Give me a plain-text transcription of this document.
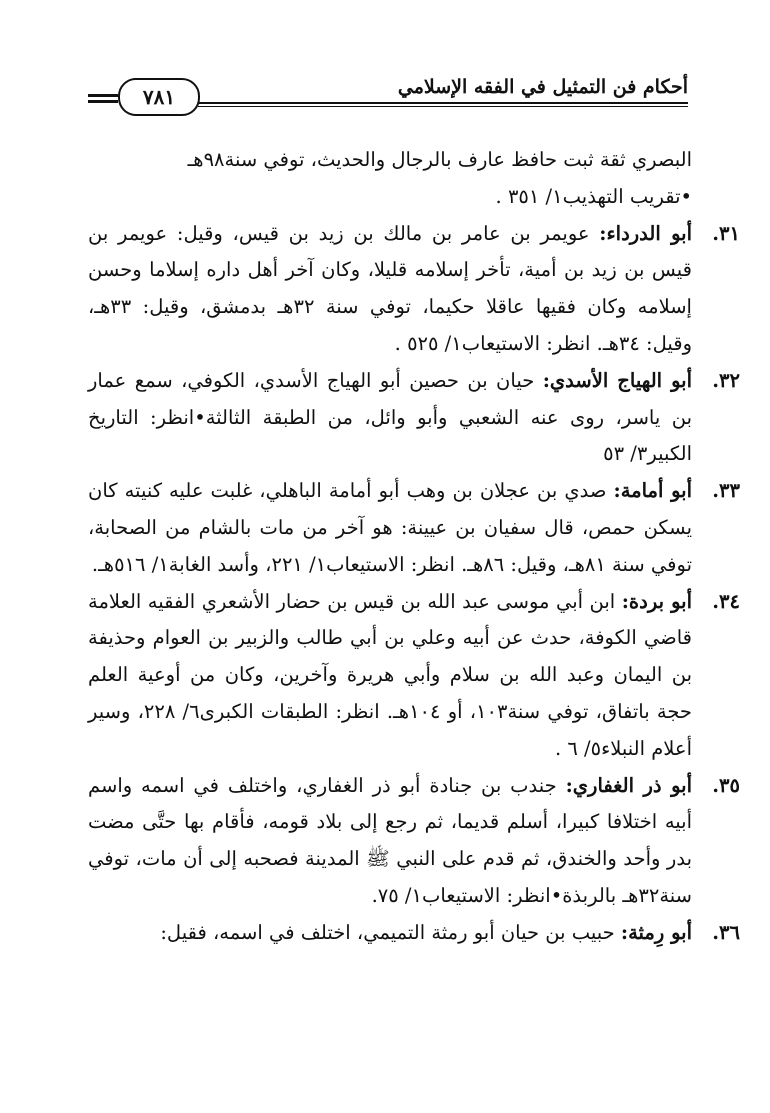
أحكام فن التمثيل في الفقه الإسلامي
٧٨١

البصري ثقة ثبت حافظ عارف بالرجال والحديث، توفي سنة٩٨هـ

•تقريب التهذيب١/ ٣٥١ .

٣١.
أبو الدرداء: عويمر بن عامر بن مالك بن زيد بن قيس، وقيل: عويمر بن قيس بن زيد بن أمية، تأخر إسلامه قليلا، وكان آخر أهل داره إسلاما وحسن إسلامه وكان فقيها عاقلا حكيما، توفي سنة ٣٢هـ بدمشق، وقيل: ٣٣هـ، وقيل: ٣٤هـ. انظر: الاستيعاب١/ ٥٢٥ .

٣٢.
أبو الهياج الأسدي: حيان بن حصين أبو الهياج الأسدي، الكوفي، سمع عمار بن ياسر، روى عنه الشعبي وأبو وائل، من الطبقة الثالثة•انظر: التاريخ الكبير٣/ ٥٣

٣٣.
أبو أمامة: صدي بن عجلان بن وهب أبو أمامة الباهلي، غلبت عليه كنيته كان يسكن حمص، قال سفيان بن عيينة: هو آخر من مات بالشام من الصحابة، توفي سنة ٨١هـ، وقيل: ٨٦هـ. انظر: الاستيعاب١/ ٢٢١، وأسد الغابة١/ ٥١٦هـ.

٣٤.
أبو بردة: ابن أبي موسى عبد الله بن قيس بن حضار الأشعري الفقيه العلامة قاضي الكوفة، حدث عن أبيه وعلي بن أبي طالب والزبير بن العوام وحذيفة بن اليمان وعبد الله بن سلام وأبي هريرة وآخرين، وكان من أوعية العلم حجة باتفاق، توفي سنة١٠٣، أو ١٠٤هـ. انظر: الطبقات الكبرى٦/ ٢٢٨، وسير أعلام النبلاء٥/ ٦ .

٣٥.
أبو ذر الغفاري: جندب بن جنادة أبو ذر الغفاري، واختلف في اسمه واسم أبيه اختلافا كبيرا، أسلم قديما، ثم رجع إلى بلاد قومه، فأقام بها حتَّى مضت بدر وأحد والخندق، ثم قدم على النبي ﷺ المدينة فصحبه إلى أن مات، توفي سنة٣٢هـ بالربذة•انظر: الاستيعاب١/ ٧٥.

٣٦.
أبو رِمثة: حبيب بن حيان أبو رمثة التميمي، اختلف في اسمه، فقيل:
